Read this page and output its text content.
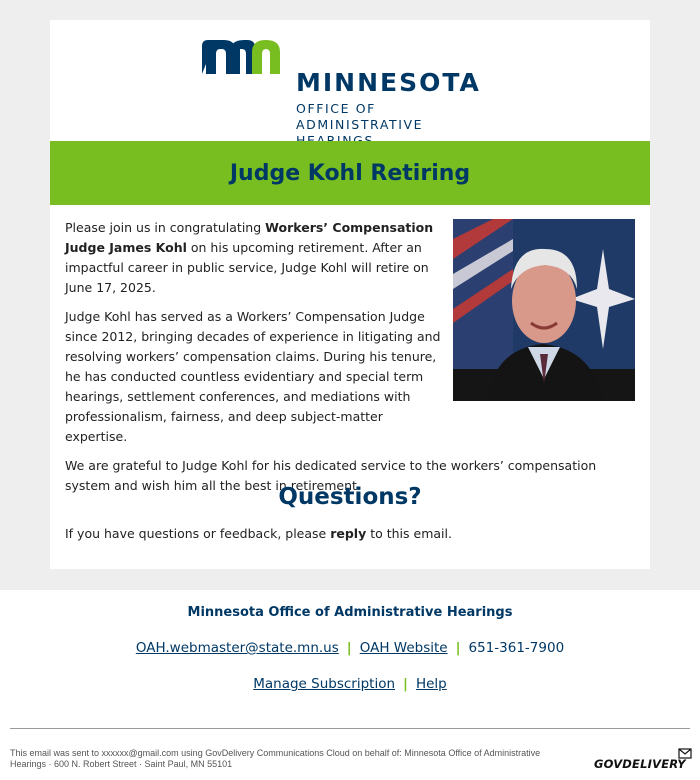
MINNESOTA
OFFICE OF ADMINISTRATIVE
Judge Kohl Retiring

Please join us in congratulating Workers’ Compensation Judge James Kohl on his upcoming retirement. After an impactful career in public service, Judge Kohl will retire on June 17, 2025.

Judge Kohl has served as a Workers’ Compensation Judge since 2012, bringing decades of experience in litigating and resolving workers’ compensation claims. During his tenure, he has conducted countless evidentiary and special term hearings, settlement conferences, and mediations with professionalism, fairness, and deep subject-matter expertise.

We are grateful to Judge Kohl for his dedicated service to the workers’ compensation system and wish him all the best in retirement.

Questions?
If you have questions or feedback, please reply to this email.
Minnesota Office of Administrative Hearings
OAH.webmaster@state.mn.us | OAH Website | 651-361-7900
Manage Subscription | Help
This email was sent to xxxxxx@gmail.com using GovDelivery Communications Cloud on behalf of: Minnesota Office of Administrative Hearings · 600 N. Robert Street · Saint Paul, MN 55101	GOVDELIVERY
